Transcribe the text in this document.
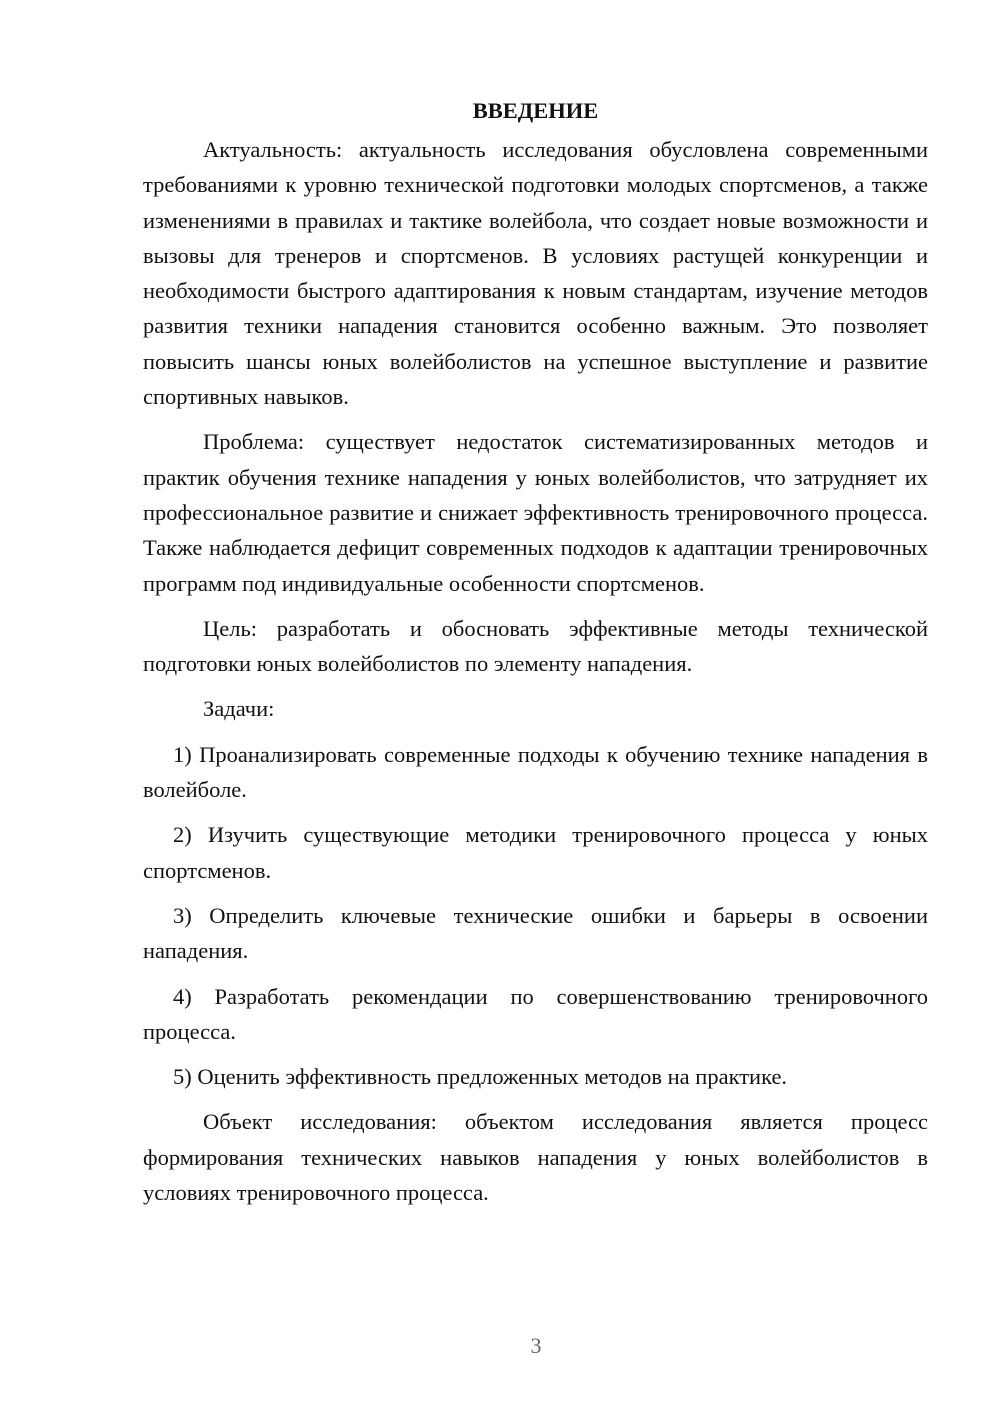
ВВЕДЕНИЕ

Актуальность: актуальность исследования обусловлена современными требованиями к уровню технической подготовки молодых спортсменов, а также изменениями в правилах и тактике волейбола, что создает новые возможности и вызовы для тренеров и спортсменов. В условиях растущей конкуренции и необходимости быстрого адаптирования к новым стандартам, изучение методов развития техники нападения становится особенно важным. Это позволяет повысить шансы юных волейболистов на успешное выступление и развитие спортивных навыков.

Проблема: существует недостаток систематизированных методов и практик обучения технике нападения у юных волейболистов, что затрудняет их профессиональное развитие и снижает эффективность тренировочного процесса. Также наблюдается дефицит современных подходов к адаптации тренировочных программ под индивидуальные особенности спортсменов.

Цель: разработать и обосновать эффективные методы технической подготовки юных волейболистов по элементу нападения.

Задачи:

1) Проанализировать современные подходы к обучению технике нападения в волейболе.

2) Изучить существующие методики тренировочного процесса у юных спортсменов.

3) Определить ключевые технические ошибки и барьеры в освоении нападения.

4) Разработать рекомендации по совершенствованию тренировочного процесса.

5) Оценить эффективность предложенных методов на практике.

Объект исследования: объектом исследования является процесс формирования технических навыков нападения у юных волейболистов в условиях тренировочного процесса.

3
